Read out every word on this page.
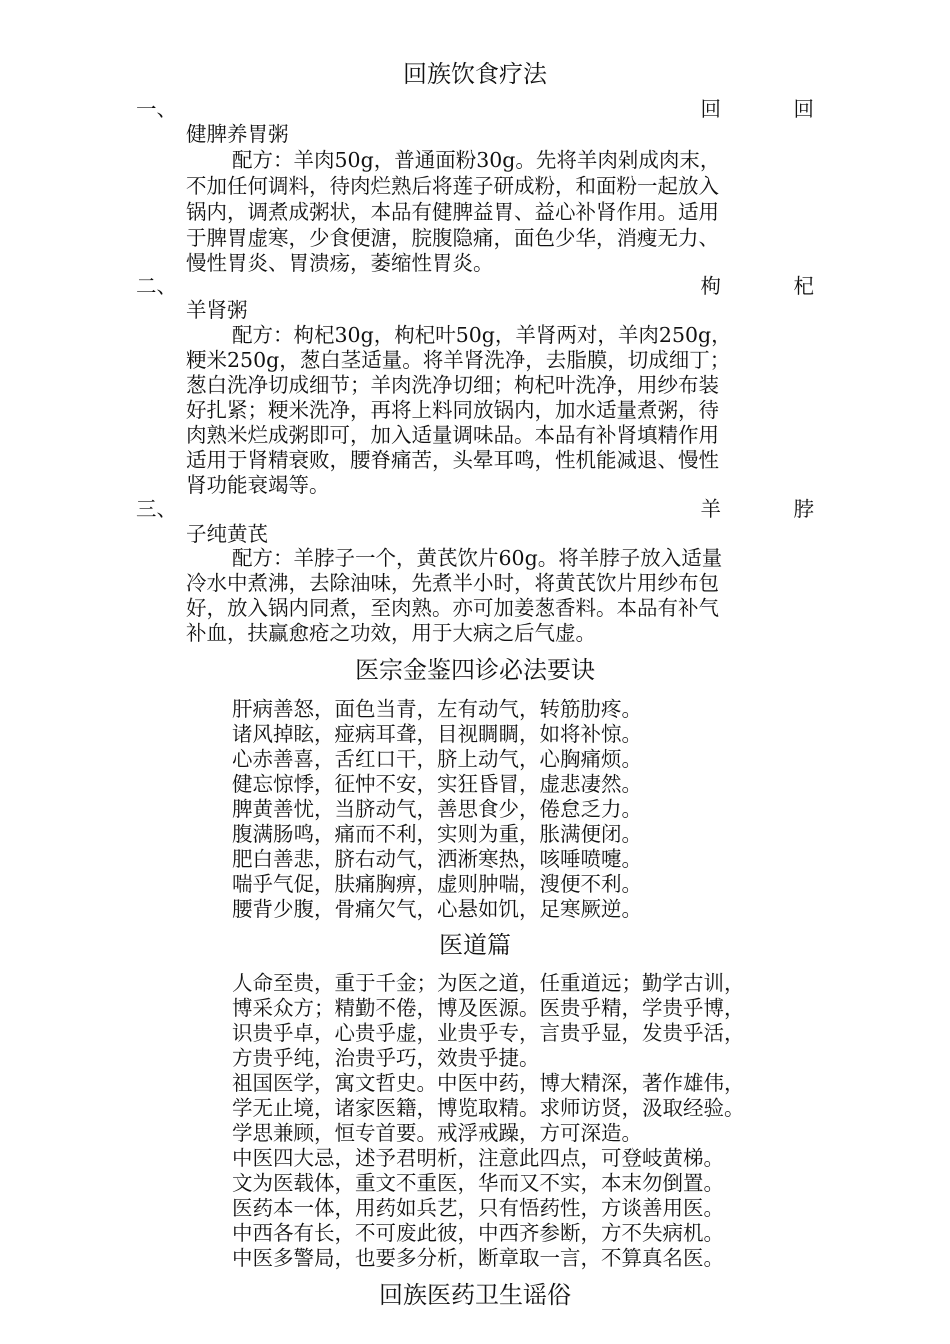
回族饮食疗法
一、	回　回
健脾养胃粥
配方：羊肉50g，普通面粉30g。先将羊肉剁成肉末，
不加任何调料，待肉烂熟后将莲子研成粉，和面粉一起放入
锅内，调煮成粥状，本品有健脾益胃、益心补肾作用。适用
于脾胃虚寒，少食便溏，脘腹隐痛，面色少华，消瘦无力、
慢性胃炎、胃溃疡，萎缩性胃炎。
二、	枸　杞
羊肾粥
配方：枸杞30g，枸杞叶50g，羊肾两对，羊肉250g，
粳米250g，葱白茎适量。将羊肾洗净，去脂膜，切成细丁；
葱白洗净切成细节；羊肉洗净切细；枸杞叶洗净，用纱布装
好扎紧；粳米洗净，再将上料同放锅内，加水适量煮粥，待
肉熟米烂成粥即可，加入适量调味品。本品有补肾填精作用
适用于肾精衰败，腰脊痛苦，头晕耳鸣，性机能减退、慢性
肾功能衰竭等。
三、	羊　脖
子纯黄芪
配方：羊脖子一个，黄芪饮片60g。将羊脖子放入适量
冷水中煮沸，去除油味，先煮半小时，将黄芪饮片用纱布包
好，放入锅内同煮，至肉熟。亦可加姜葱香料。本品有补气
补血，扶赢愈疮之功效，用于大病之后气虚。
医宗金鉴四诊必法要诀
肝病善怒，面色当青，左有动气，转筋肋疼。
诸风掉眩，痖病耳聋，目视睭睭，如将补惊。
心赤善喜，舌红口干，脐上动气，心胸痛烦。
健忘惊悸，征忡不安，实狂昏冒，虚悲凄然。
脾黄善忧，当脐动气，善思食少，倦怠乏力。
腹满肠鸣，痛而不利，实则为重，胀满便闭。
肥白善悲，脐右动气，洒淅寒热，咳唾喷嚏。
喘乎气促，肤痛胸痹，虚则肿喘，溲便不利。
腰背少腹，骨痛欠气，心悬如饥，足寒厥逆。
医道篇
人命至贵，重于千金；为医之道，任重道远；勤学古训，
博采众方；精勤不倦，博及医源。医贵乎精，学贵乎博，
识贵乎卓，心贵乎虚，业贵乎专，言贵乎显，发贵乎活，
方贵乎纯，治贵乎巧，效贵乎捷。
祖国医学，寓文哲史。中医中药，博大精深，著作雄伟，
学无止境，诸家医籍，博览取精。求师访贤，汲取经验。
学思兼顾，恒专首要。戒浮戒躁，方可深造。
中医四大忌，述予君明析，注意此四点，可登岐黄梯。
文为医载体，重文不重医，华而又不实，本末勿倒置。
医药本一体，用药如兵艺，只有悟药性，方谈善用医。
中西各有长，不可废此彼，中西齐参断，方不失病机。
中医多警局，也要多分析，断章取一言，不算真名医。
回族医药卫生谣俗
